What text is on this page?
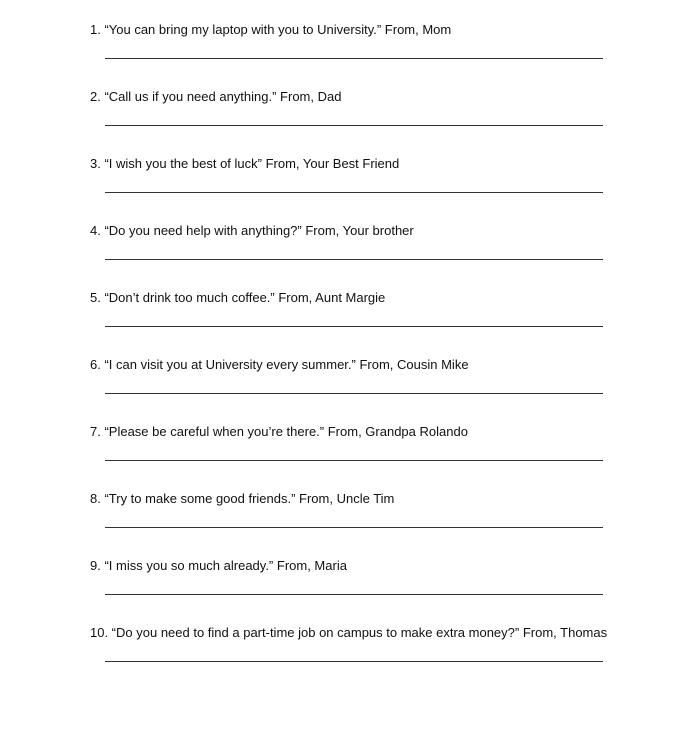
1. “You can bring my laptop with you to University.” From, Mom

2. “Call us if you need anything.” From, Dad

3. “I wish you the best of luck” From, Your Best Friend

4. “Do you need help with anything?” From, Your brother

5. “Don’t drink too much coffee.” From, Aunt Margie

6. “I can visit you at University every summer.” From, Cousin Mike

7. “Please be careful when you’re there.” From, Grandpa Rolando

8. “Try to make some good friends.” From, Uncle Tim

9. “I miss you so much already.” From, Maria

10. “Do you need to find a part-time job on campus to make extra money?” From, Thomas
